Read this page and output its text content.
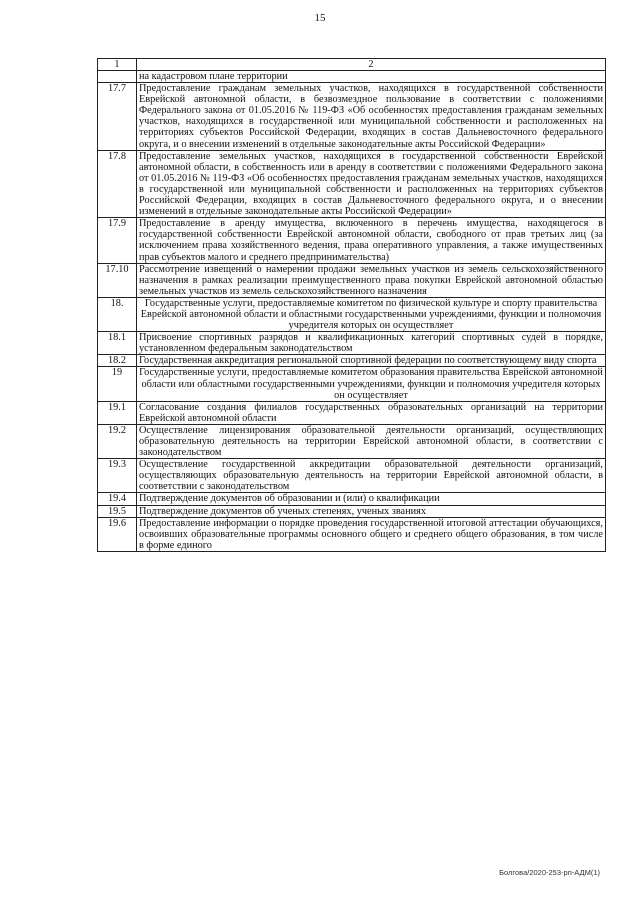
15
1	2
	на кадастровом плане территории
17.7	Предоставление гражданам земельных участков, находящихся в государственной собственности Еврейской автономной области, в безвозмездное пользование в соответствии с положениями Федерального закона от 01.05.2016 № 119-ФЗ «Об особенностях предоставления гражданам земельных участков, находящихся в государственной или муниципальной собственности и расположенных на территориях субъектов Российской Федерации, входящих в состав Дальневосточного федерального округа, и о внесении изменений в отдельные законодательные акты Российской Федерации»
17.8	Предоставление земельных участков, находящихся в государственной собственности Еврейской автономной области, в собственность или в аренду в соответствии с положениями Федерального закона от 01.05.2016 № 119-ФЗ «Об особенностях предоставления гражданам земельных участков, находящихся в государственной или муниципальной собственности и расположенных на территориях субъектов Российской Федерации, входящих в состав Дальневосточного федерального округа, и о внесении изменений в отдельные законодательные акты Российской Федерации»
17.9	Предоставление в аренду имущества, включенного в перечень имущества, находящегося в государственной собственности Еврейской автономной области, свободного от прав третьих лиц (за исключением права хозяйственного ведения, права оперативного управления, а также имущественных прав субъектов малого и среднего предпринимательства)
17.10	Рассмотрение извещений о намерении продажи земельных участков из земель сельскохозяйственного назначения в рамках реализации преимущественного права покупки Еврейской автономной областью земельных участков из земель сельскохозяйственного назначения
18.	Государственные услуги, предоставляемые комитетом по физической культуре и спорту правительства Еврейской автономной области и областными государственными учреждениями, функции и полномочия учредителя которых он осуществляет
18.1	Присвоение спортивных разрядов и квалификационных категорий спортивных судей в порядке, установленном федеральным законодательством
18.2	Государственная аккредитация региональной спортивной федерации по соответствующему виду спорта
19	Государственные услуги, предоставляемые комитетом образования правительства Еврейской автономной области или областными государственными учреждениями, функции и полномочия учредителя которых он осуществляет
19.1	Согласование создания филиалов государственных образовательных организаций на территории Еврейской автономной области
19.2	Осуществление лицензирования образовательной деятельности организаций, осуществляющих образовательную деятельность на территории Еврейской автономной области, в соответствии с законодательством
19.3	Осуществление государственной аккредитации образовательной деятельности организаций, осуществляющих образовательную деятельность на территории Еврейской автономной области, в соответствии с законодательством
19.4	Подтверждение документов об образовании и (или) о квалификации
19.5	Подтверждение документов об ученых степенях, ученых званиях
19.6	Предоставление информации о порядке проведения государственной итоговой аттестации обучающихся, освоивших образовательные программы основного общего и среднего общего образования, в том числе в форме единого
Болгова/2020-253-рп-АДМ(1)
